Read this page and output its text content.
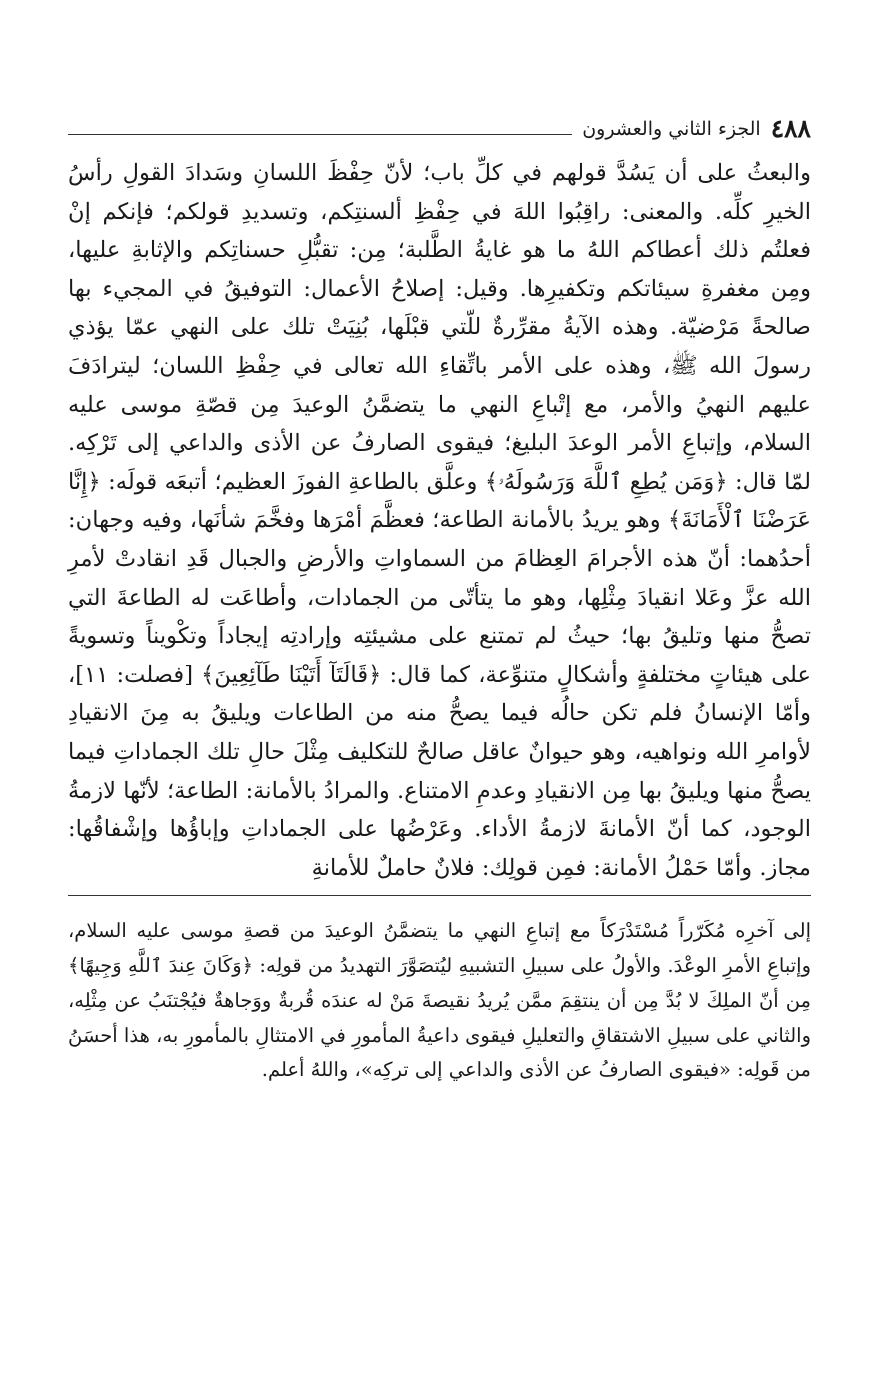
٤٨٨
الجزء الثاني والعشرون

والبعثُ على أن يَسُدَّ قولهم في كلِّ باب؛ لأنّ حِفْظَ اللسانِ وسَدادَ القولِ رأسُ الخيرِ كلِّه. والمعنى: راقِبُوا اللهَ في حِفْظِ ألسنتِكم، وتسديدِ قولكم؛ فإنكم إنْ فعلتُم ذلك أعطاكم اللهُ ما هو غايةُ الطَّلبة؛ مِن: تقبُّلِ حسناتِكم والإثابةِ عليها، ومِن مغفرةِ سيئاتكم وتكفيرِها. وقيل: إصلاحُ الأعمال: التوفيقُ في المجيء بها صالحةً مَرْضيّة. وهذه الآيةُ مقرِّرةٌ للّتي قبْلَها، بُنِيَتْ تلك على النهي عمّا يؤذي رسولَ الله ﷺ، وهذه على الأمر باتِّقاءِ الله تعالى في حِفْظِ اللسان؛ ليترادَفَ عليهم النهيُ والأمر، مع إتْباعِ النهي ما يتضمَّنُ الوعيدَ مِن قصّةِ موسى عليه السلام، وإتباعِ الأمر الوعدَ البليغ؛ فيقوى الصارفُ عن الأذى والداعي إلى تَرْكِه. لمّا قال: ﴿وَمَن يُطِعِ ٱللَّهَ وَرَسُولَهُۥ﴾ وعلَّق بالطاعةِ الفوزَ العظيم؛ أتبعَه قولَه: ﴿إِنَّا عَرَضْنَا ٱلْأَمَانَةَ﴾ وهو يريدُ بالأمانة الطاعة؛ فعظَّمَ أمْرَها وفخَّمَ شأنَها، وفيه وجهان: أحدُهما: أنّ هذه الأجرامَ العِظامَ من السماواتِ والأرضِ والجبال قَدِ انقادتْ لأمرِ الله عزَّ وعَلا انقيادَ مِثْلِها، وهو ما يتأتّى من الجمادات، وأطاعَت له الطاعةَ التي تصحُّ منها وتليقُ بها؛ حيثُ لم تمتنع على مشيئتِه وإرادتِه إيجاداً وتكْويناً وتسويةً على هيئاتٍ مختلفةٍ وأشكالٍ متنوِّعة، كما قال: ﴿قَالَتَآ أَتَيْنَا طَآئِعِينَ﴾ [فصلت: ١١]، وأمّا الإنسانُ فلم تكن حالُه فيما يصحُّ منه من الطاعات ويليقُ به مِنَ الانقيادِ لأوامرِ الله ونواهيه، وهو حيوانٌ عاقل صالحٌ للتكليف مِثْلَ حالِ تلك الجماداتِ فيما يصحُّ منها ويليقُ بها مِن الانقيادِ وعدمِ الامتناع. والمرادُ بالأمانة: الطاعة؛ لأنّها لازمةُ الوجود، كما أنّ الأمانةَ لازمةُ الأداء. وعَرْضُها على الجماداتِ وإباؤُها وإشْفاقُها: مجاز. وأمّا حَمْلُ الأمانة: فمِن قولِك: فلانٌ حاملٌ للأمانةِ

إلى آخرِه مُكَرّراً مُسْتَدْرَكاً مع إتباعِ النهي ما يتضمَّنُ الوعيدَ من قصةِ موسى عليه السلام، وإتباعِ الأمرِ الوعْدَ. والأولُ على سبيلِ التشبيهِ ليُتصَوَّرَ التهديدُ من قولِه: ﴿وَكَانَ عِندَ ٱللَّهِ وَجِيهًا﴾ مِن أنّ الملِكَ لا بُدَّ مِن أن ينتقِمَ ممَّن يُريدُ نقيصةَ مَنْ له عندَه قُربةٌ ووَجاهةٌ فيُجْتنَبُ عن مِثْلِه، والثاني على سبيلِ الاشتقاقِ والتعليلِ فيقوى داعيةُ المأمورِ في الامتثالِ بالمأمورِ به، هذا أحسَنُ من قَولِه: «فيقوى الصارفُ عن الأذى والداعي إلى تركِه»، واللهُ أعلم.
